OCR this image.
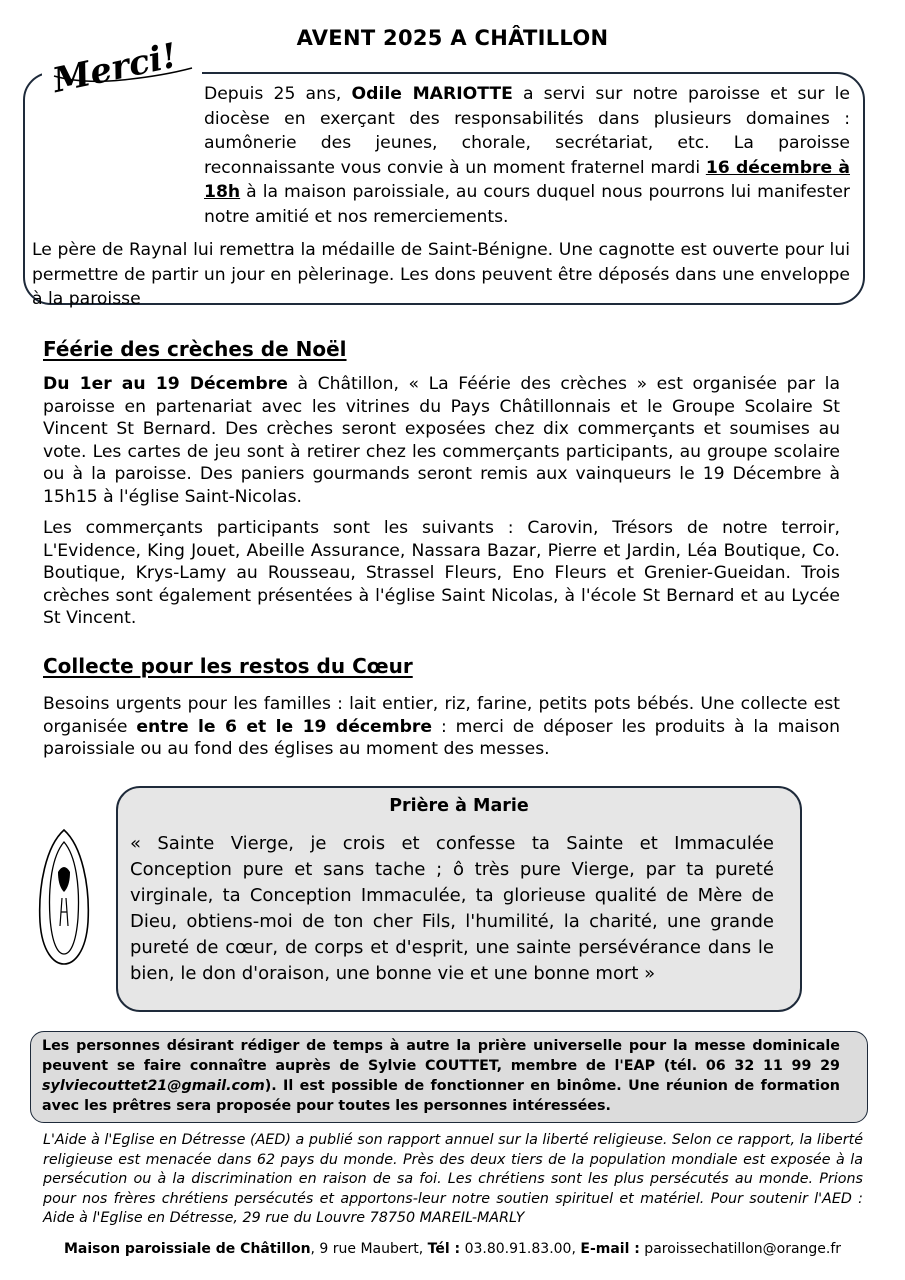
AVENT 2025 A CHÂTILLON
Merci!	Depuis 25 ans, Odile MARIOTTE a servi sur notre paroisse et sur le diocèse en exerçant des responsabilités dans plusieurs domaines : aumônerie des jeunes, chorale, secrétariat, etc. La paroisse reconnaissante vous convie à un moment fraternel mardi 16 décembre à 18h à la maison paroissiale, au cours duquel nous pourrons lui manifester notre amitié et nos remerciements.

Le père de Raynal lui remettra la médaille de Saint-Bénigne. Une cagnotte est ouverte pour lui permettre de partir un jour en pèlerinage. Les dons peuvent être déposés dans une enveloppe à la paroisse

Féérie des crèches de Noël

Du 1er au 19 Décembre à Châtillon, « La Féérie des crèches » est organisée par la paroisse en partenariat avec les vitrines du Pays Châtillonnais et le Groupe Scolaire St Vincent St Bernard. Des crèches seront exposées chez dix commerçants et soumises au vote. Les cartes de jeu sont à retirer chez les commerçants participants, au groupe scolaire ou à la paroisse. Des paniers gourmands seront remis aux vainqueurs le 19 Décembre à 15h15 à l'église Saint-Nicolas.

Les commerçants participants sont les suivants : Carovin, Trésors de notre terroir, L'Evidence, King Jouet, Abeille Assurance, Nassara Bazar, Pierre et Jardin, Léa Boutique, Co. Boutique, Krys-Lamy au Rousseau, Strassel Fleurs, Eno Fleurs et Grenier-Gueidan. Trois crèches sont également présentées à l'église Saint Nicolas, à l'école St Bernard et au Lycée St Vincent.

Collecte pour les restos du Cœur

Besoins urgents pour les familles : lait entier, riz, farine, petits pots bébés. Une collecte est organisée entre le 6 et le 19 décembre : merci de déposer les produits à la maison paroissiale ou au fond des églises au moment des messes.

Prière à Marie

« Sainte Vierge, je crois et confesse ta Sainte et Immaculée Conception pure et sans tache ; ô très pure Vierge, par ta pureté virginale, ta Conception Immaculée, ta glorieuse qualité de Mère de Dieu, obtiens-moi de ton cher Fils, l'humilité, la charité, une grande pureté de cœur, de corps et d'esprit, une sainte persévérance dans le bien, le don d'oraison, une bonne vie et une bonne mort »

Les personnes désirant rédiger de temps à autre la prière universelle pour la messe dominicale peuvent se faire connaître auprès de Sylvie COUTTET, membre de l'EAP (tél. 06 32 11 99 29 sylviecouttet21@gmail.com). Il est possible de fonctionner en binôme. Une réunion de formation avec les prêtres sera proposée pour toutes les personnes intéressées.

L'Aide à l'Eglise en Détresse (AED) a publié son rapport annuel sur la liberté religieuse. Selon ce rapport, la liberté religieuse est menacée dans 62 pays du monde. Près des deux tiers de la population mondiale est exposée à la persécution ou à la discrimination en raison de sa foi. Les chrétiens sont les plus persécutés au monde. Prions pour nos frères chrétiens persécutés et apportons-leur notre soutien spirituel et matériel. Pour soutenir l'AED : Aide à l'Eglise en Détresse, 29 rue du Louvre 78750 MAREIL-MARLY

Maison paroissiale de Châtillon, 9 rue Maubert, Tél : 03.80.91.83.00, E-mail : paroissechatillon@orange.fr
